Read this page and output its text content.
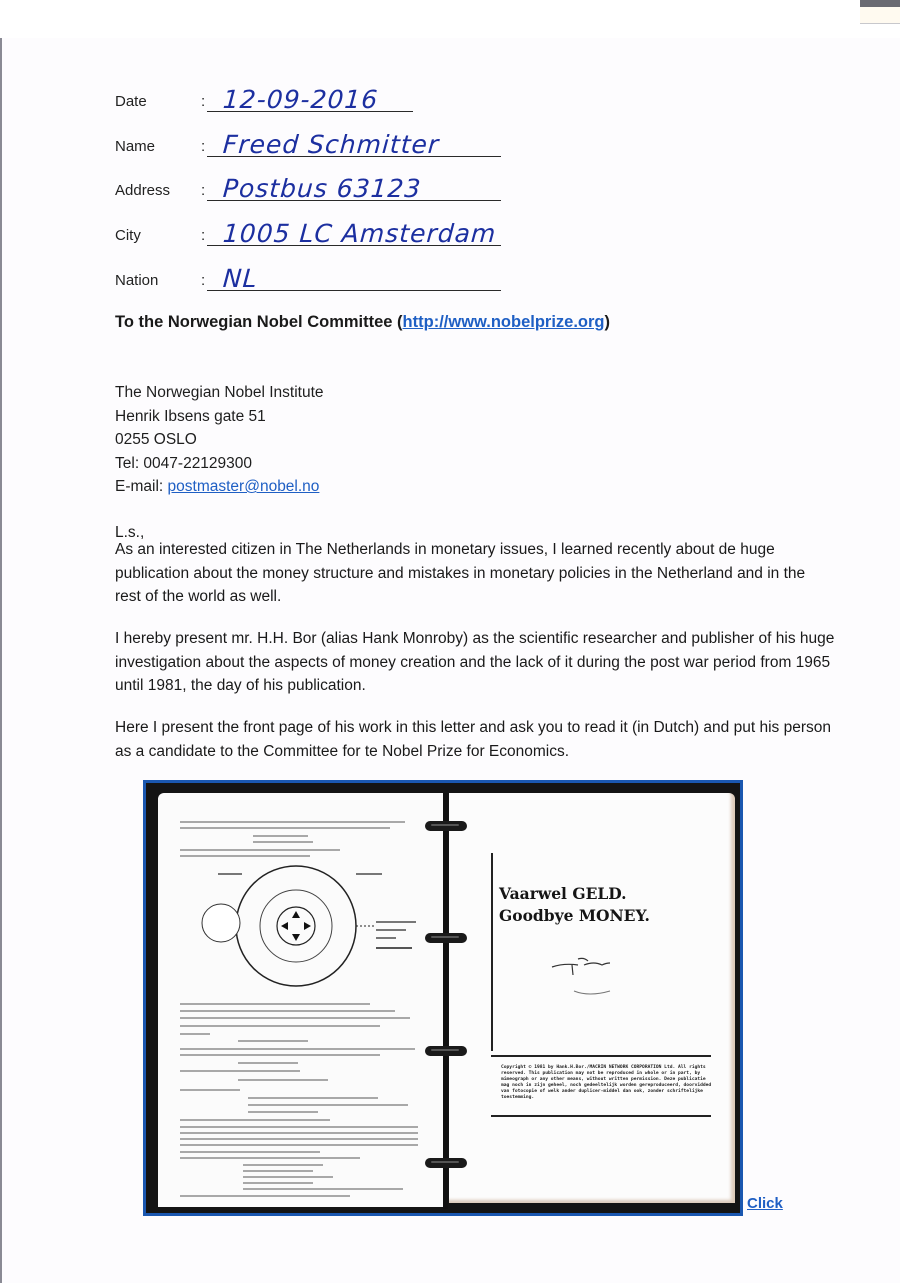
Date	: 12-09-2016
Name	: Freed Schmitter
Address : Postbus 63123
City	: 1005 LC Amsterdam
Nation	: NL
To the Norwegian Nobel Committee (http://www.nobelprize.org)
The Norwegian Nobel Institute
Henrik Ibsens gate 51
0255 OSLO
Tel: 0047-22129300
E-mail: postmaster@nobel.no
L.s.,
As an interested citizen in The Netherlands in monetary issues, I learned recently about de huge publication about the money structure and mistakes in monetary policies in the Netherland and in the rest of the world as well.
I hereby present mr. H.H. Bor (alias Hank Monroby) as the scientific researcher and publisher of his huge investigation about the aspects of money creation and the lack of it during the post war period from 1965 until 1981, the day of his publication.
Here I present the front page of his work in this letter and ask you to read it (in Dutch) and put his person as a candidate to the Committee for te Nobel Prize for Economics.
Vaarwel GELD.
Goodbye MONEY.
Copyright © 1981 by Hank.H.Bor./MACRIN NETWORK CORPORATION Ltd. All rights reserved. This publication may not be reproduced in whole or in part, by mimeograph or any other means, without written permission. Deze publicatie mag noch in zijn geheel, noch gedeeltelijk worden gereproduceerd, doorvidded van fotocopie of welk ander duplicer-middel dan ook, zonder schriftelijke toestemming.
Click
